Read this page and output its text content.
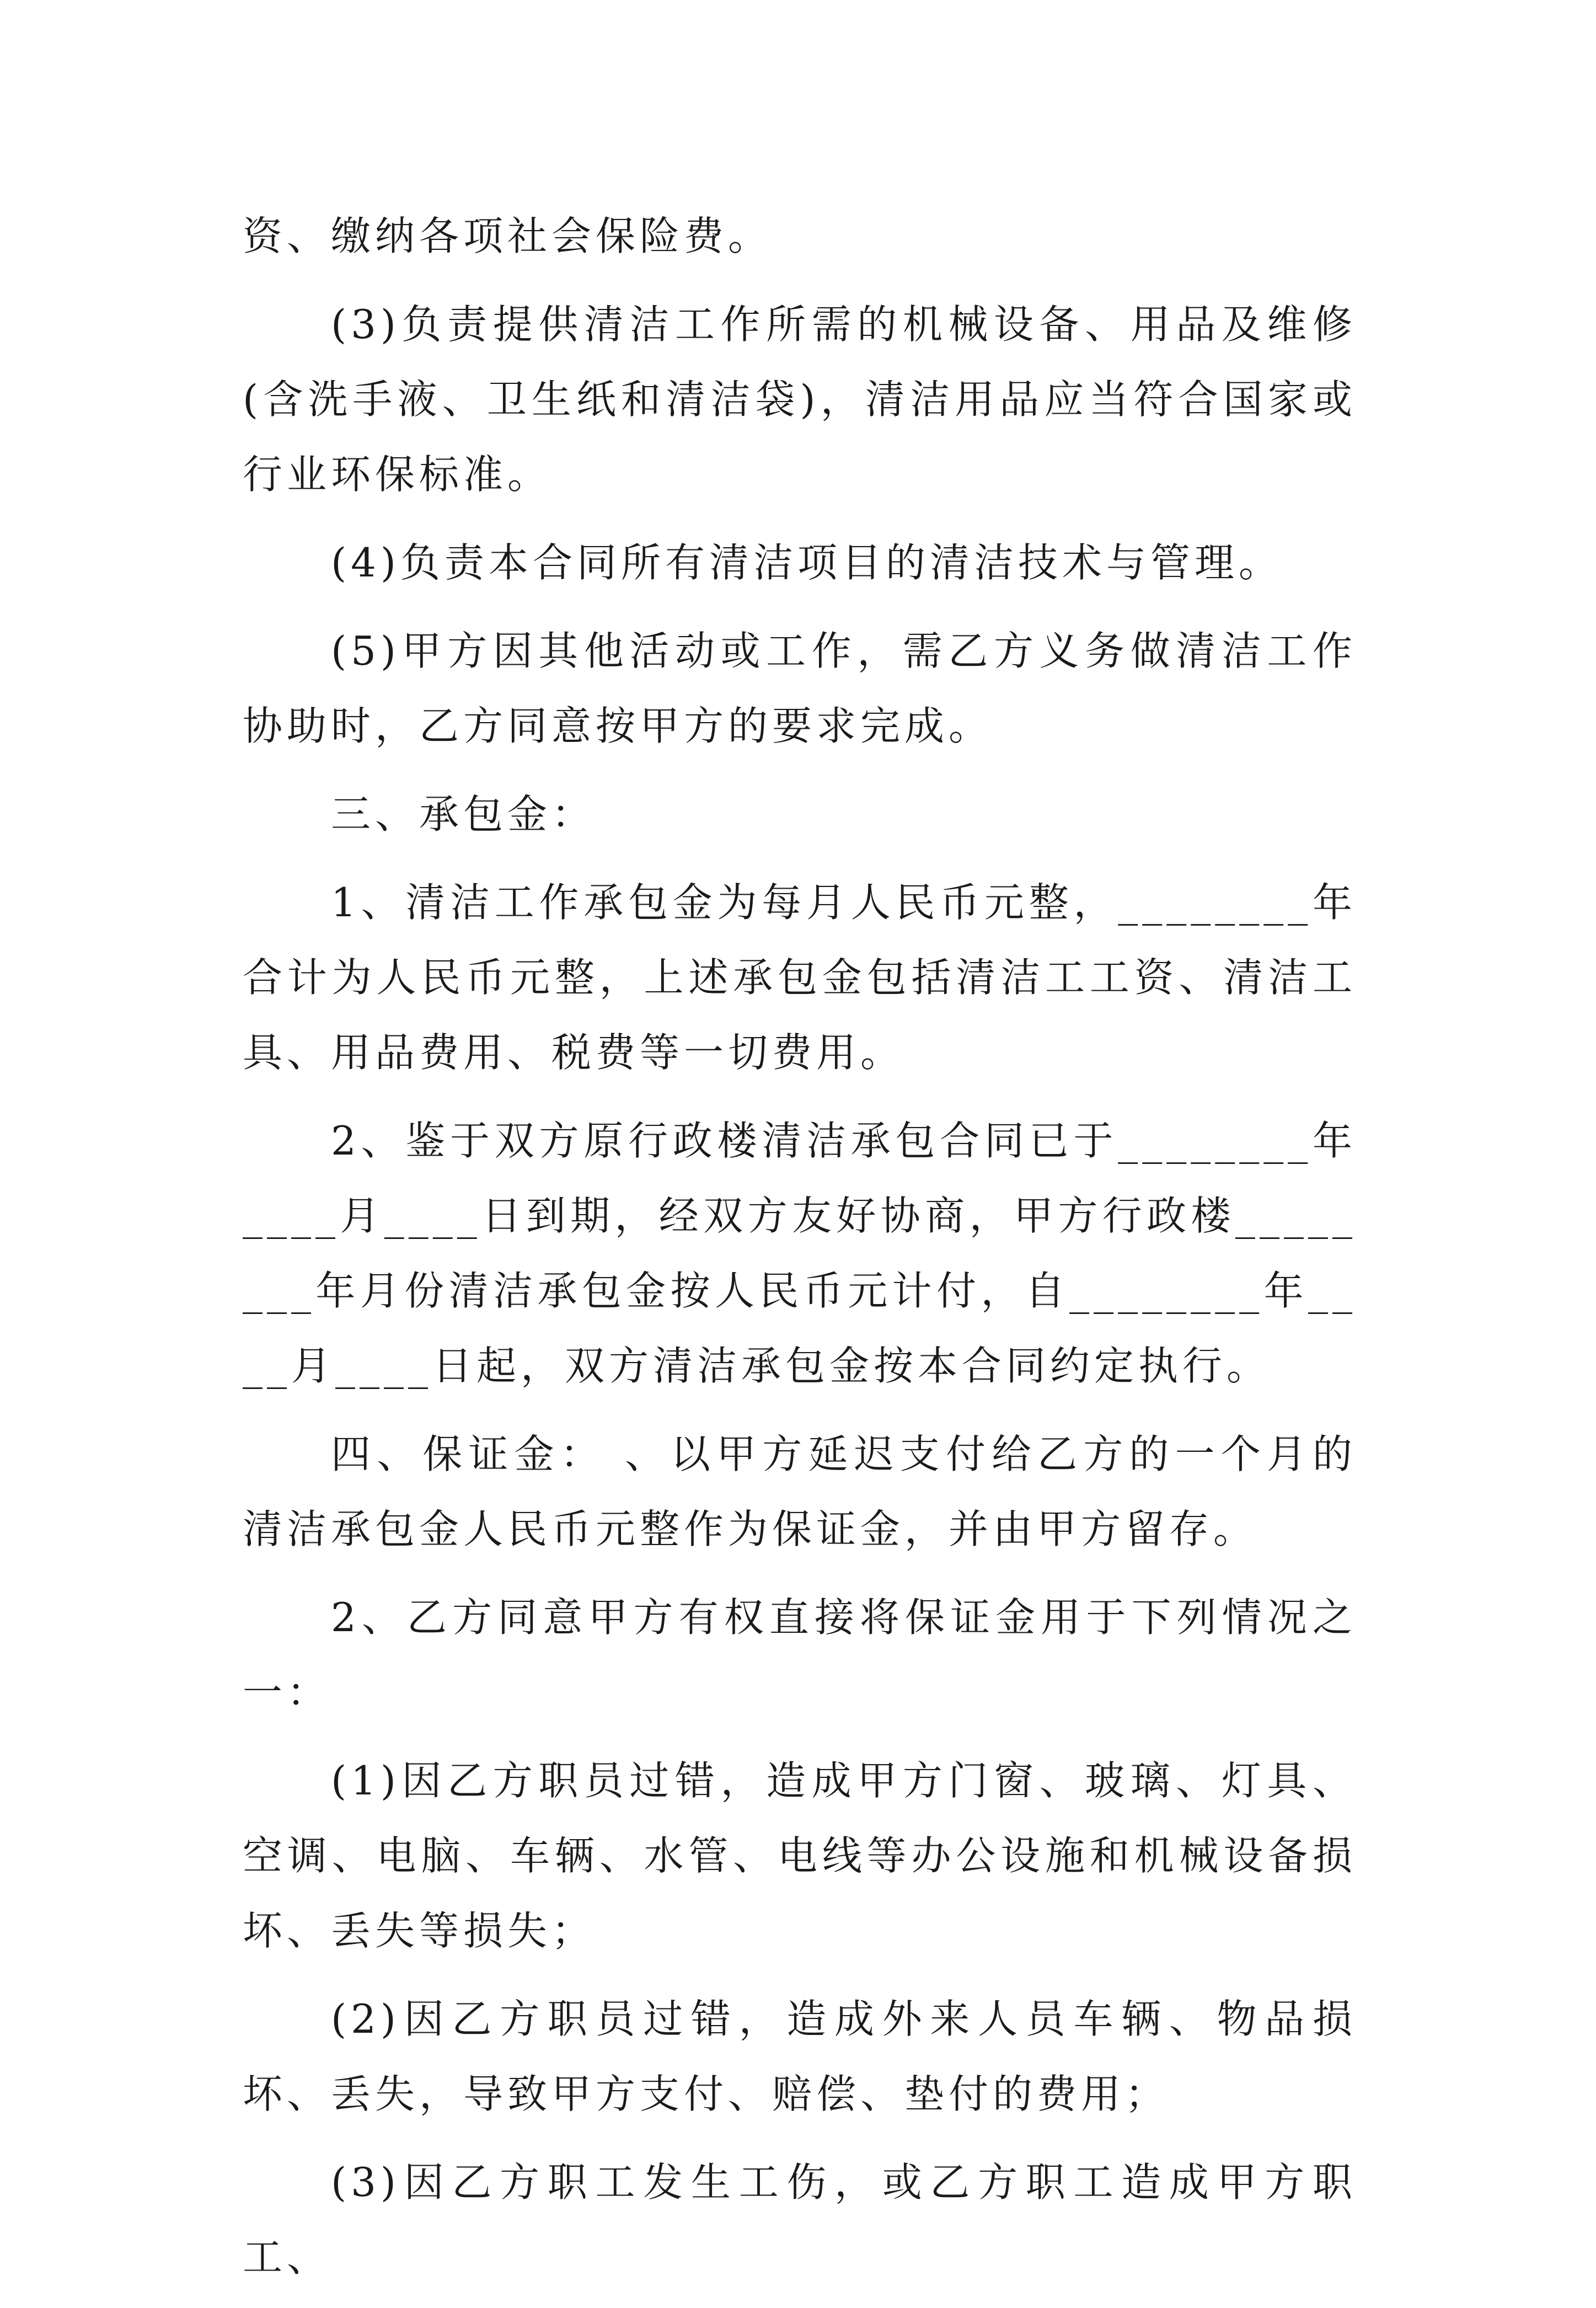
资、缴纳各项社会保险费。

(3)负责提供清洁工作所需的机械设备、用品及维修(含洗手液、卫生纸和清洁袋)，清洁用品应当符合国家或行业环保标准。

(4)负责本合同所有清洁项目的清洁技术与管理。

(5)甲方因其他活动或工作，需乙方义务做清洁工作协助时，乙方同意按甲方的要求完成。

三、承包金：

1、清洁工作承包金为每月人民币元整，________年合计为人民币元整，上述承包金包括清洁工工资、清洁工具、用品费用、税费等一切费用。

2、鉴于双方原行政楼清洁承包合同已于________年____月____日到期，经双方友好协商，甲方行政楼________年月份清洁承包金按人民币元计付，自________年____月____日起，双方清洁承包金按本合同约定执行。

四、保证金： 、以甲方延迟支付给乙方的一个月的清洁承包金人民币元整作为保证金，并由甲方留存。

2、乙方同意甲方有权直接将保证金用于下列情况之一：

(1)因乙方职员过错，造成甲方门窗、玻璃、灯具、空调、电脑、车辆、水管、电线等办公设施和机械设备损坏、丢失等损失；

(2)因乙方职员过错，造成外来人员车辆、物品损坏、丢失，导致甲方支付、赔偿、垫付的费用；

(3)因乙方职工发生工伤，或乙方职工造成甲方职工、
